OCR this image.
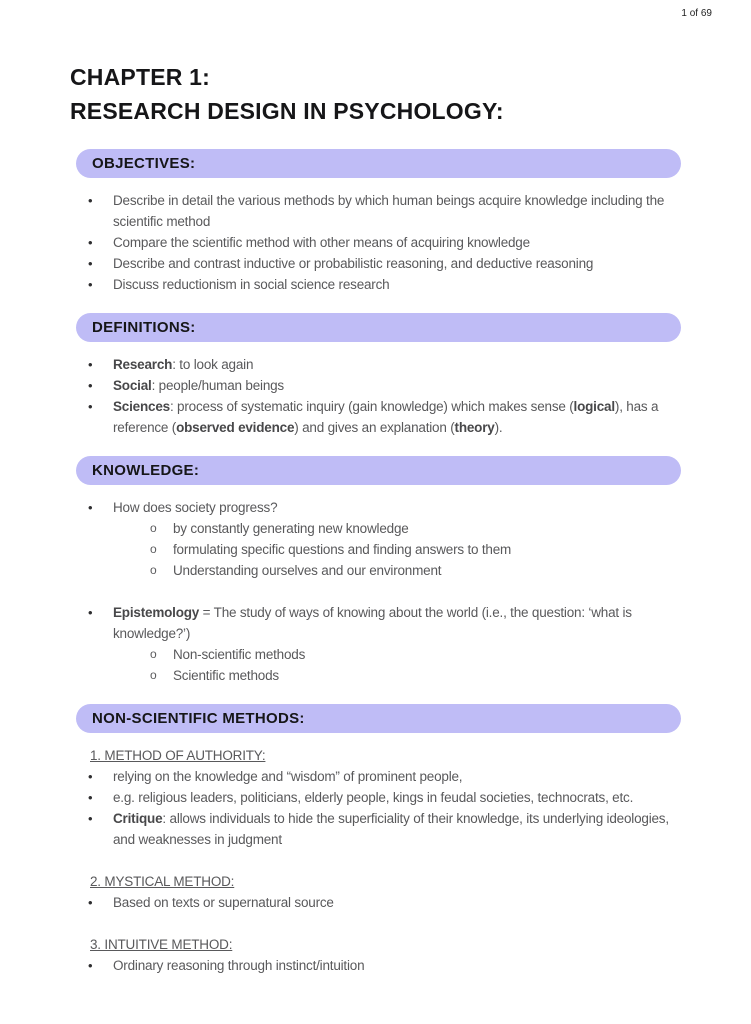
1 of 69
CHAPTER 1:
RESEARCH DESIGN IN PSYCHOLOGY:
OBJECTIVES:
•	Describe in detail the various methods by which human beings acquire knowledge including the scientific method
•	Compare the scientific method with other means of acquiring knowledge
•	Describe and contrast inductive or probabilistic reasoning, and deductive reasoning
•	Discuss reductionism in social science research
DEFINITIONS:
•	Research: to look again
•	Social: people/human beings
•	Sciences: process of systematic inquiry (gain knowledge) which makes sense (logical), has a reference (observed evidence) and gives an explanation (theory).
KNOWLEDGE:
•	How does society progress?
o	by constantly generating new knowledge
o	formulating specific questions and finding answers to them
o	Understanding ourselves and our environment
•	Epistemology = The study of ways of knowing about the world (i.e., the question: ‘what is knowledge?’)
o	Non-scientific methods
o	Scientific methods
NON-SCIENTIFIC METHODS:
1. METHOD OF AUTHORITY:
•	relying on the knowledge and “wisdom” of prominent people,
•	e.g. religious leaders, politicians, elderly people, kings in feudal societies, technocrats, etc.
•	Critique: allows individuals to hide the superficiality of their knowledge, its underlying ideologies, and weaknesses in judgment
2. MYSTICAL METHOD:
•	Based on texts or supernatural source
3. INTUITIVE METHOD:
•	Ordinary reasoning through instinct/intuition
